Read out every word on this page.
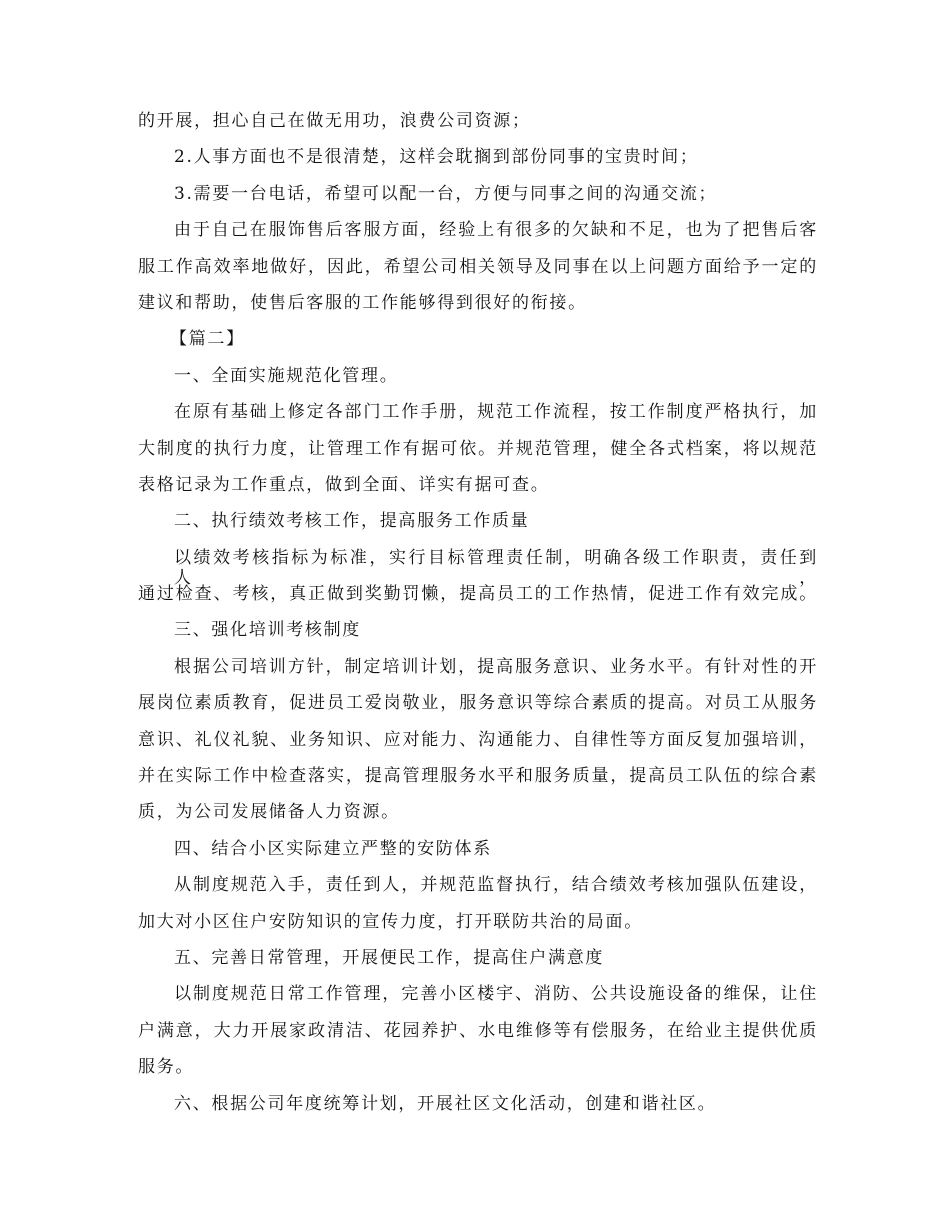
的开展，担心自己在做无用功，浪费公司资源；
2.人事方面也不是很清楚，这样会耽搁到部份同事的宝贵时间；
3.需要一台电话，希望可以配一台，方便与同事之间的沟通交流；
由于自己在服饰售后客服方面，经验上有很多的欠缺和不足，也为了把售后客
服工作高效率地做好，因此，希望公司相关领导及同事在以上问题方面给予一定的
建议和帮助，使售后客服的工作能够得到很好的衔接。
【篇二】
一、全面实施规范化管理。
在原有基础上修定各部门工作手册，规范工作流程，按工作制度严格执行，加
大制度的执行力度，让管理工作有据可依。并规范管理，健全各式档案，将以规范
表格记录为工作重点，做到全面、详实有据可查。
二、执行绩效考核工作，提高服务工作质量
以绩效考核指标为标准，实行目标管理责任制，明确各级工作职责，责任到人，
通过检查、考核，真正做到奖勤罚懒，提高员工的工作热情，促进工作有效完成。
三、强化培训考核制度
根据公司培训方针，制定培训计划，提高服务意识、业务水平。有针对性的开
展岗位素质教育，促进员工爱岗敬业，服务意识等综合素质的提高。对员工从服务
意识、礼仪礼貌、业务知识、应对能力、沟通能力、自律性等方面反复加强培训，
并在实际工作中检查落实，提高管理服务水平和服务质量，提高员工队伍的综合素
质，为公司发展储备人力资源。
四、结合小区实际建立严整的安防体系
从制度规范入手，责任到人，并规范监督执行，结合绩效考核加强队伍建设，
加大对小区住户安防知识的宣传力度，打开联防共治的局面。
五、完善日常管理，开展便民工作，提高住户满意度
以制度规范日常工作管理，完善小区楼宇、消防、公共设施设备的维保，让住
户满意，大力开展家政清洁、花园养护、水电维修等有偿服务，在给业主提供优质
服务。
六、根据公司年度统筹计划，开展社区文化活动，创建和谐社区。
